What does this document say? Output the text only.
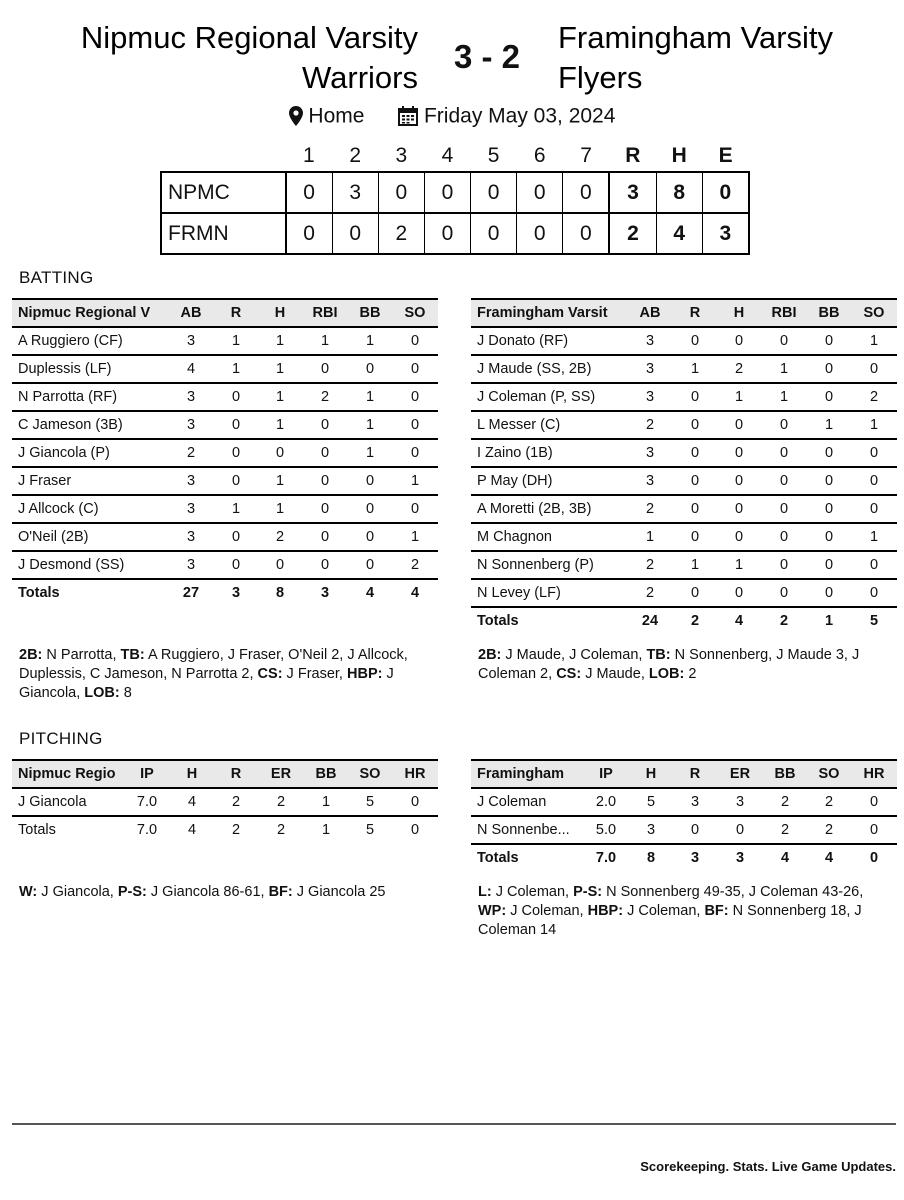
Nipmuc Regional Varsity
Warriors
3 - 2
Framingham Varsity
Flyers
Home	Friday May 03, 2024
	1	2	3	4	5	6	7	R	H	E
NPMC	0	3	0	0	0	0	0	3	8	0
FRMN	0	0	2	0	0	0	0	2	4	3
BATTING
Nipmuc Regional V	AB	R	H	RBI	BB	SO
A Ruggiero (CF)	3	1	1	1	1	0
Duplessis (LF)	4	1	1	0	0	0
N Parrotta (RF)	3	0	1	2	1	0
C Jameson (3B)	3	0	1	0	1	0
J Giancola (P)	2	0	0	0	1	0
J Fraser	3	0	1	0	0	1
J Allcock (C)	3	1	1	0	0	0
O'Neil (2B)	3	0	2	0	0	1
J Desmond (SS)	3	0	0	0	0	2
Totals	27	3	8	3	4	4
Framingham Varsit	AB	R	H	RBI	BB	SO
J Donato (RF)	3	0	0	0	0	1
J Maude (SS, 2B)	3	1	2	1	0	0
J Coleman (P, SS)	3	0	1	1	0	2
L Messer (C)	2	0	0	0	1	1
I Zaino (1B)	3	0	0	0	0	0
P May (DH)	3	0	0	0	0	0
A Moretti (2B, 3B)	2	0	0	0	0	0
M Chagnon	1	0	0	0	0	1
N Sonnenberg (P)	2	1	1	0	0	0
N Levey (LF)	2	0	0	0	0	0
Totals	24	2	4	2	1	5
2B: N Parrotta, TB: A Ruggiero, J Fraser, O'Neil 2, J Allcock, Duplessis, C Jameson, N Parrotta 2, CS: J Fraser, HBP: J Giancola, LOB: 8
2B: J Maude, J Coleman, TB: N Sonnenberg, J Maude 3, J Coleman 2, CS: J Maude, LOB: 2
PITCHING
Nipmuc Regio	IP	H	R	ER	BB	SO	HR
J Giancola	7.0	4	2	2	1	5	0
Totals	7.0	4	2	2	1	5	0
Framingham	IP	H	R	ER	BB	SO	HR
J Coleman	2.0	5	3	3	2	2	0
N Sonnenbe...	5.0	3	0	0	2	2	0
Totals	7.0	8	3	3	4	4	0
W: J Giancola, P-S: J Giancola 86-61, BF: J Giancola 25	L: J Coleman, P-S: N Sonnenberg 49-35, J Coleman 43-26, WP: J Coleman, HBP: J Coleman, BF: N Sonnenberg 18, J Coleman 14
Scorekeeping. Stats. Live Game Updates.
